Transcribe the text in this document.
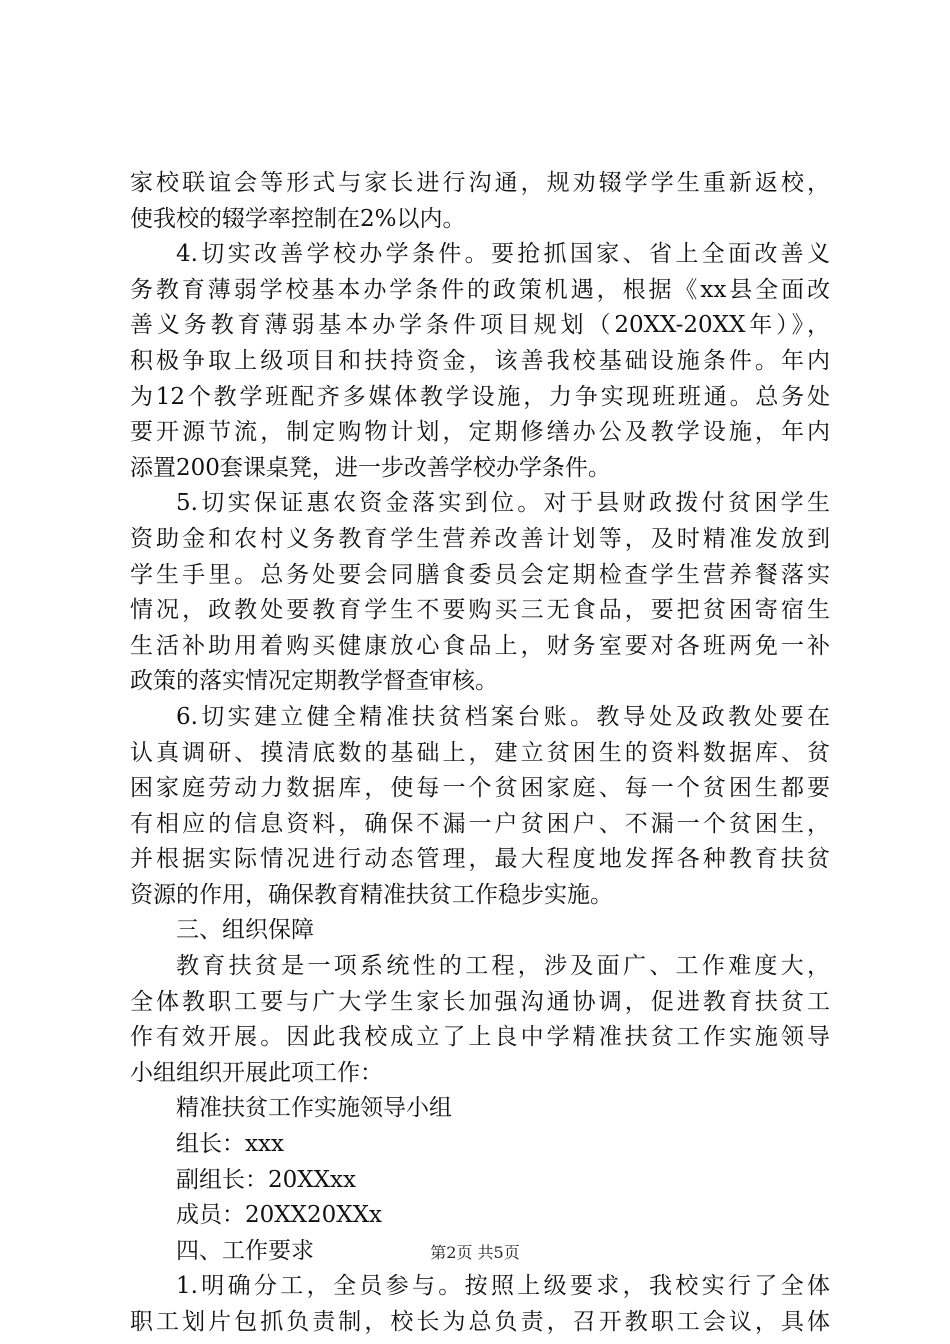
家校联谊会等形式与家长进行沟通，规劝辍学学生重新返校，
使我校的辍学率控制在2%以内。
4.切实改善学校办学条件。要抢抓国家、省上全面改善义
务教育薄弱学校基本办学条件的政策机遇，根据《xx县全面改
善义务教育薄弱基本办学条件项目规划（20XX-20XX年）》，
积极争取上级项目和扶持资金，该善我校基础设施条件。年内
为12个教学班配齐多媒体教学设施，力争实现班班通。总务处
要开源节流，制定购物计划，定期修缮办公及教学设施，年内
添置200套课桌凳，进一步改善学校办学条件。
5.切实保证惠农资金落实到位。对于县财政拨付贫困学生
资助金和农村义务教育学生营养改善计划等，及时精准发放到
学生手里。总务处要会同膳食委员会定期检查学生营养餐落实
情况，政教处要教育学生不要购买三无食品，要把贫困寄宿生
生活补助用着购买健康放心食品上，财务室要对各班两免一补
政策的落实情况定期教学督查审核。
6.切实建立健全精准扶贫档案台账。教导处及政教处要在
认真调研、摸清底数的基础上，建立贫困生的资料数据库、贫
困家庭劳动力数据库，使每一个贫困家庭、每一个贫困生都要
有相应的信息资料，确保不漏一户贫困户、不漏一个贫困生，
并根据实际情况进行动态管理，最大程度地发挥各种教育扶贫
资源的作用，确保教育精准扶贫工作稳步实施。
三、组织保障
教育扶贫是一项系统性的工程，涉及面广、工作难度大，
全体教职工要与广大学生家长加强沟通协调，促进教育扶贫工
作有效开展。因此我校成立了上良中学精准扶贫工作实施领导
小组组织开展此项工作：
精准扶贫工作实施领导小组
组长：xxx
副组长：20XXxx
成员：20XX20XXx
四、工作要求
1.明确分工，全员参与。按照上级要求，我校实行了全体
职工划片包抓负责制，校长为总负责，召开教职工会议，具体
第2页 共5页
